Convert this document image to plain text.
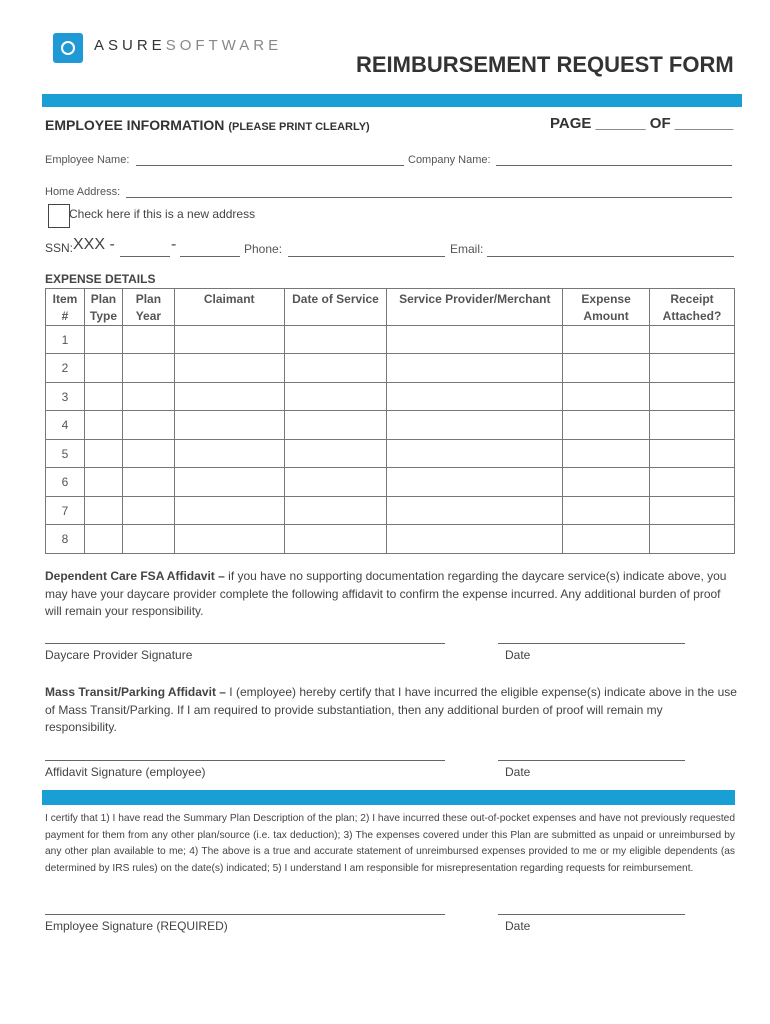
ASURESOFTWARE
REIMBURSEMENT REQUEST FORM
EMPLOYEE INFORMATION (PLEASE PRINT CLEARLY)	PAGE ______ OF _______
Employee Name:	Company Name:
Home Address:
Check here if this is a new address
SSN: XXX -	-	Phone:	Email:
EXPENSE DETAILS
Item #	Plan Type	Plan Year	Claimant	Date of Service	Service Provider/Merchant	Expense Amount	Receipt Attached?
1							
2							
3							
4							
5							
6							
7							
8							
Dependent Care FSA Affidavit – if you have no supporting documentation regarding the daycare service(s) indicate above, you may have your daycare provider complete the following affidavit to confirm the expense incurred. Any additional burden of proof will remain your responsibility.
Daycare Provider Signature	Date
Mass Transit/Parking Affidavit – I (employee) hereby certify that I have incurred the eligible expense(s) indicate above in the use of Mass Transit/Parking. If I am required to provide substantiation, then any additional burden of proof will remain my responsibility.
Affidavit Signature (employee)	Date
I certify that 1) I have read the Summary Plan Description of the plan; 2) I have incurred these out-of-pocket expenses and have not previously requested payment for them from any other plan/source (i.e. tax deduction); 3) The expenses covered under this Plan are submitted as unpaid or unreimbursed by any other plan available to me; 4) The above is a true and accurate statement of unreimbursed expenses provided to me or my eligible dependents (as determined by IRS rules) on the date(s) indicated; 5) I understand I am responsible for misrepresentation regarding requests for reimbursement.
Employee Signature (REQUIRED)	Date
